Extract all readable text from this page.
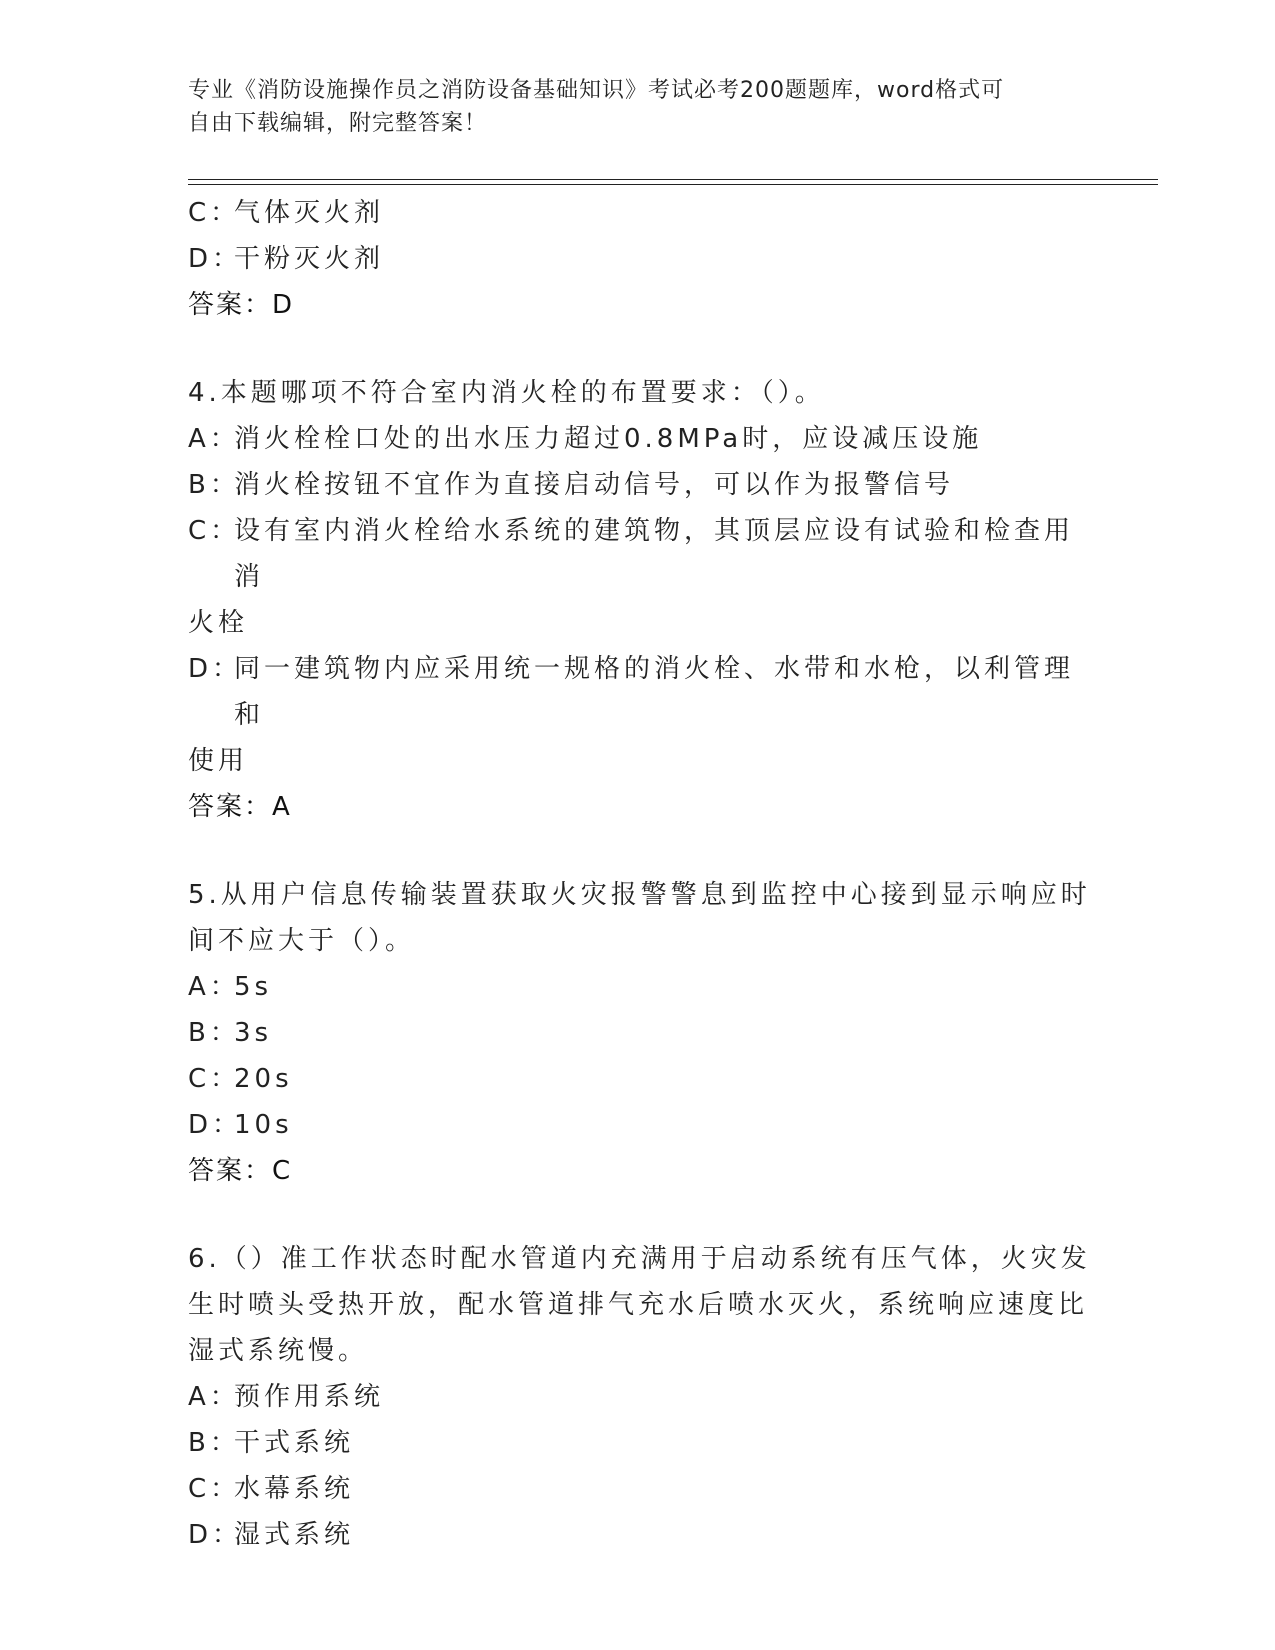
专业《消防设施操作员之消防设备基础知识》考试必考200题题库，word格式可
自由下载编辑，附完整答案！
C：
气体灭火剂
D：
干粉灭火剂
答案：D
4.本题哪项不符合室内消火栓的布置要求：（）。
A：
消火栓栓口处的出水压力超过0.8MPa时，应设减压设施
B：
消火栓按钮不宜作为直接启动信号，可以作为报警信号
C：
设有室内消火栓给水系统的建筑物，其顶层应设有试验和检查用消
火栓
D：
同一建筑物内应采用统一规格的消火栓、水带和水枪，以利管理和
使用
答案：A
5.从用户信息传输装置获取火灾报警警息到监控中心接到显示响应时
间不应大于（）。
A：
5s
B：
3s
C：
20s
D：
10s
答案：C
6.（）准工作状态时配水管道内充满用于启动系统有压气体，火灾发
生时喷头受热开放，配水管道排气充水后喷水灭火，系统响应速度比
湿式系统慢。
A：
预作用系统
B：
干式系统
C：
水幕系统
D：
湿式系统
